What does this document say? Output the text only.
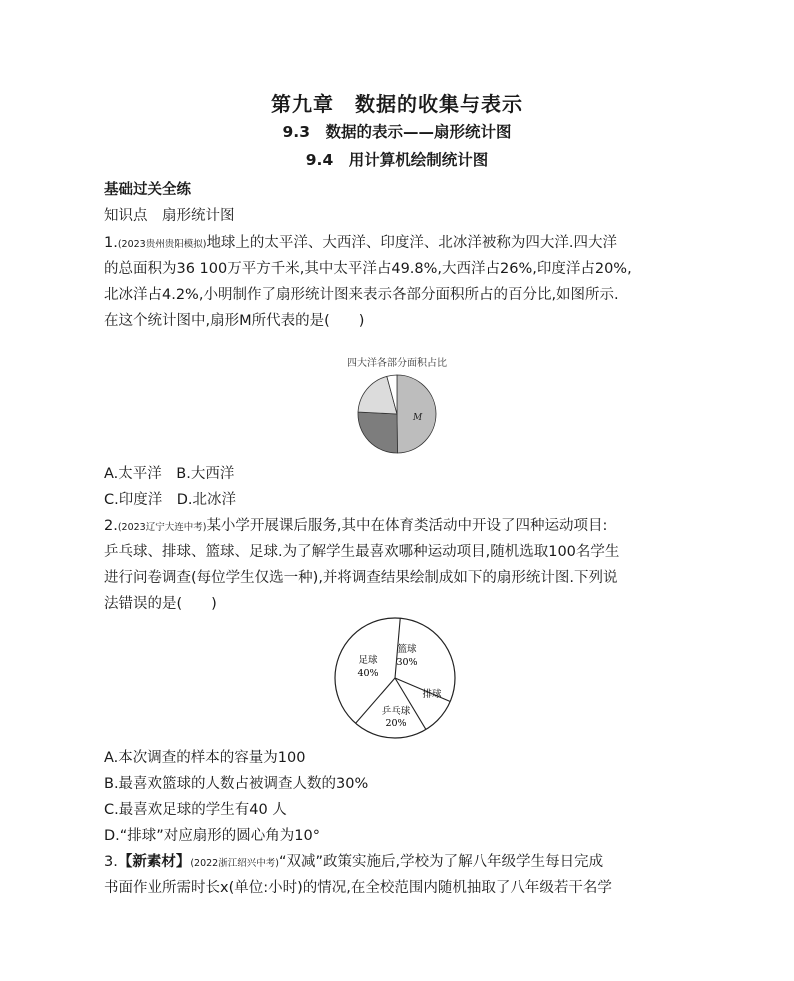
第九章　数据的收集与表示
9.3　数据的表示——扇形统计图
9.4　用计算机绘制统计图
基础过关全练
知识点　扇形统计图
1.(2023贵州贵阳模拟)地球上的太平洋、大西洋、印度洋、北冰洋被称为四大洋.四大洋
的总面积为36 100万平方千米,其中太平洋占49.8%,大西洋占26%,印度洋占20%,
北冰洋占4.2%,小明制作了扇形统计图来表示各部分面积所占的百分比,如图所示.
在这个统计图中,扇形M所代表的是(　　)
四大洋各部分面积占比
M
A.太平洋　B.大西洋
C.印度洋　D.北冰洋
2.(2023辽宁大连中考)某小学开展课后服务,其中在体育类活动中开设了四种运动项目:
乒乓球、排球、篮球、足球.为了解学生最喜欢哪种运动项目,随机选取100名学生
进行问卷调查(每位学生仅选一种),并将调查结果绘制成如下的扇形统计图.下列说
法错误的是(　　)
篮球
30%
排球
乒乓球
20%
足球
40%
A.本次调查的样本的容量为100
B.最喜欢篮球的人数占被调查人数的30%
C.最喜欢足球的学生有40 人
D.“排球”对应扇形的圆心角为10°
3.【新素材】(2022浙江绍兴中考)“双减”政策实施后,学校为了解八年级学生每日完成
书面作业所需时长x(单位:小时)的情况,在全校范围内随机抽取了八年级若干名学
